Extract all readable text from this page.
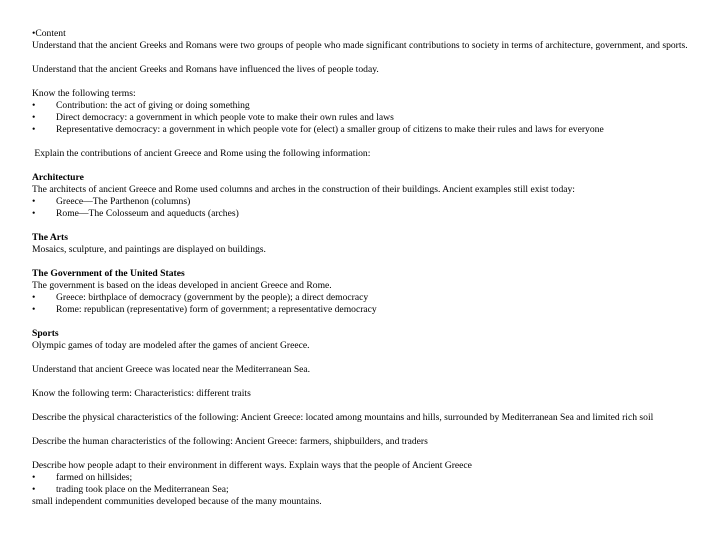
•Content

Understand that the ancient Greeks and Romans were two groups of people who made significant contributions to society in terms of architecture, government, and sports.

Understand that the ancient Greeks and Romans have influenced the lives of people today.

Know the following terms:

•	Contribution: the act of giving or doing something
•	Direct democracy: a government in which people vote to make their own rules and laws
•	Representative democracy: a government in which people vote for (elect) a smaller group of citizens to make their rules and laws for everyone

Explain the contributions of ancient Greece and Rome using the following information:

Architecture

The architects of ancient Greece and Rome used columns and arches in the construction of their buildings. Ancient examples still exist today:

•	Greece—The Parthenon (columns)
•	Rome—The Colosseum and aqueducts (arches)

The Arts

Mosaics, sculpture, and paintings are displayed on buildings.

The Government of the United States

The government is based on the ideas developed in ancient Greece and Rome.

•	Greece: birthplace of democracy (government by the people); a direct democracy
•	Rome: republican (representative) form of government; a representative democracy

Sports

Olympic games of today are modeled after the games of ancient Greece.

Understand that ancient Greece was located near the Mediterranean Sea.

Know the following term: Characteristics: different traits

Describe the physical characteristics of the following: Ancient Greece: located among mountains and hills, surrounded by Mediterranean Sea and limited rich soil

Describe the human characteristics of the following: Ancient Greece: farmers, shipbuilders, and traders

Describe how people adapt to their environment in different ways. Explain ways that the people of Ancient Greece

•	farmed on hillsides;
•	trading took place on the Mediterranean Sea;

small independent communities developed because of the many mountains.
